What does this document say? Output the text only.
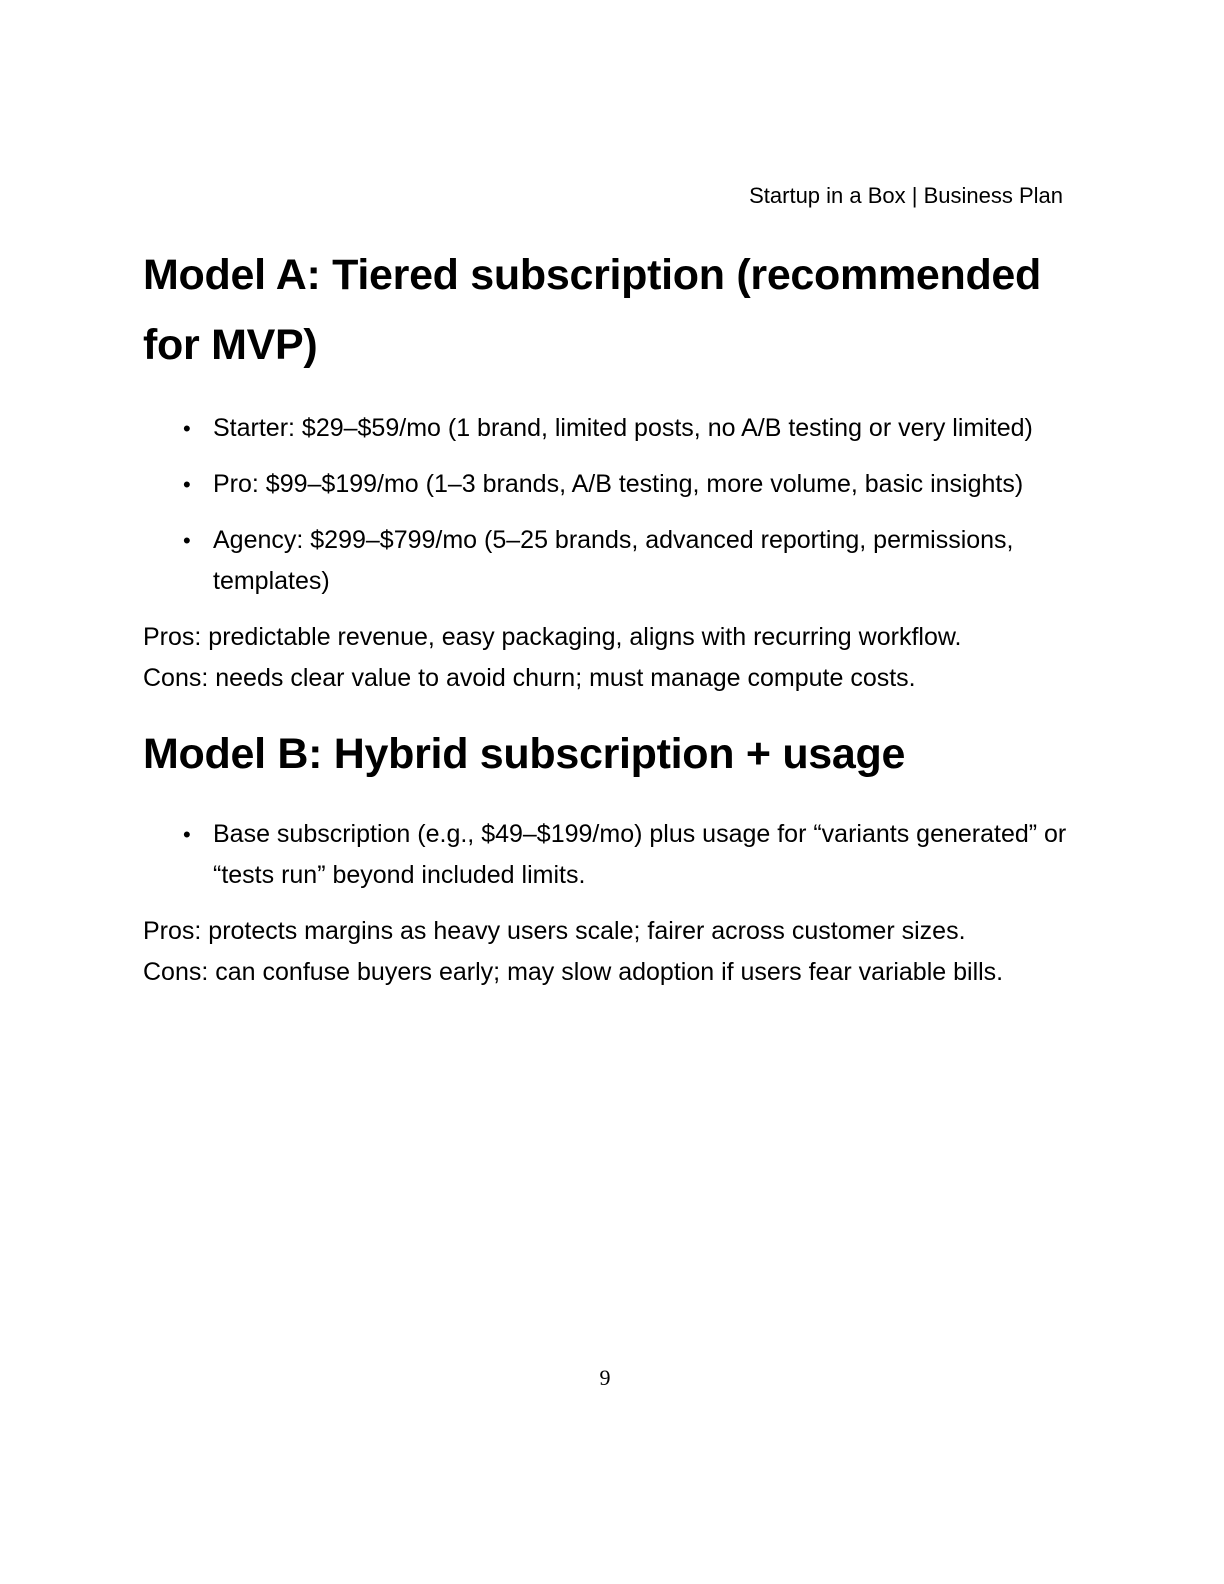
Startup in a Box | Business Plan
Model A: Tiered subscription (recommended for MVP)
• Starter: $29–$59/mo (1 brand, limited posts, no A/B testing or very limited)
• Pro: $99–$199/mo (1–3 brands, A/B testing, more volume, basic insights)
• Agency: $299–$799/mo (5–25 brands, advanced reporting, permissions, templates)

Pros: predictable revenue, easy packaging, aligns with recurring workflow.

Cons: needs clear value to avoid churn; must manage compute costs.

Model B: Hybrid subscription + usage
• Base subscription (e.g., $49–$199/mo) plus usage for “variants generated” or “tests run” beyond included limits.

Pros: protects margins as heavy users scale; fairer across customer sizes.

Cons: can confuse buyers early; may slow adoption if users fear variable bills.

9
